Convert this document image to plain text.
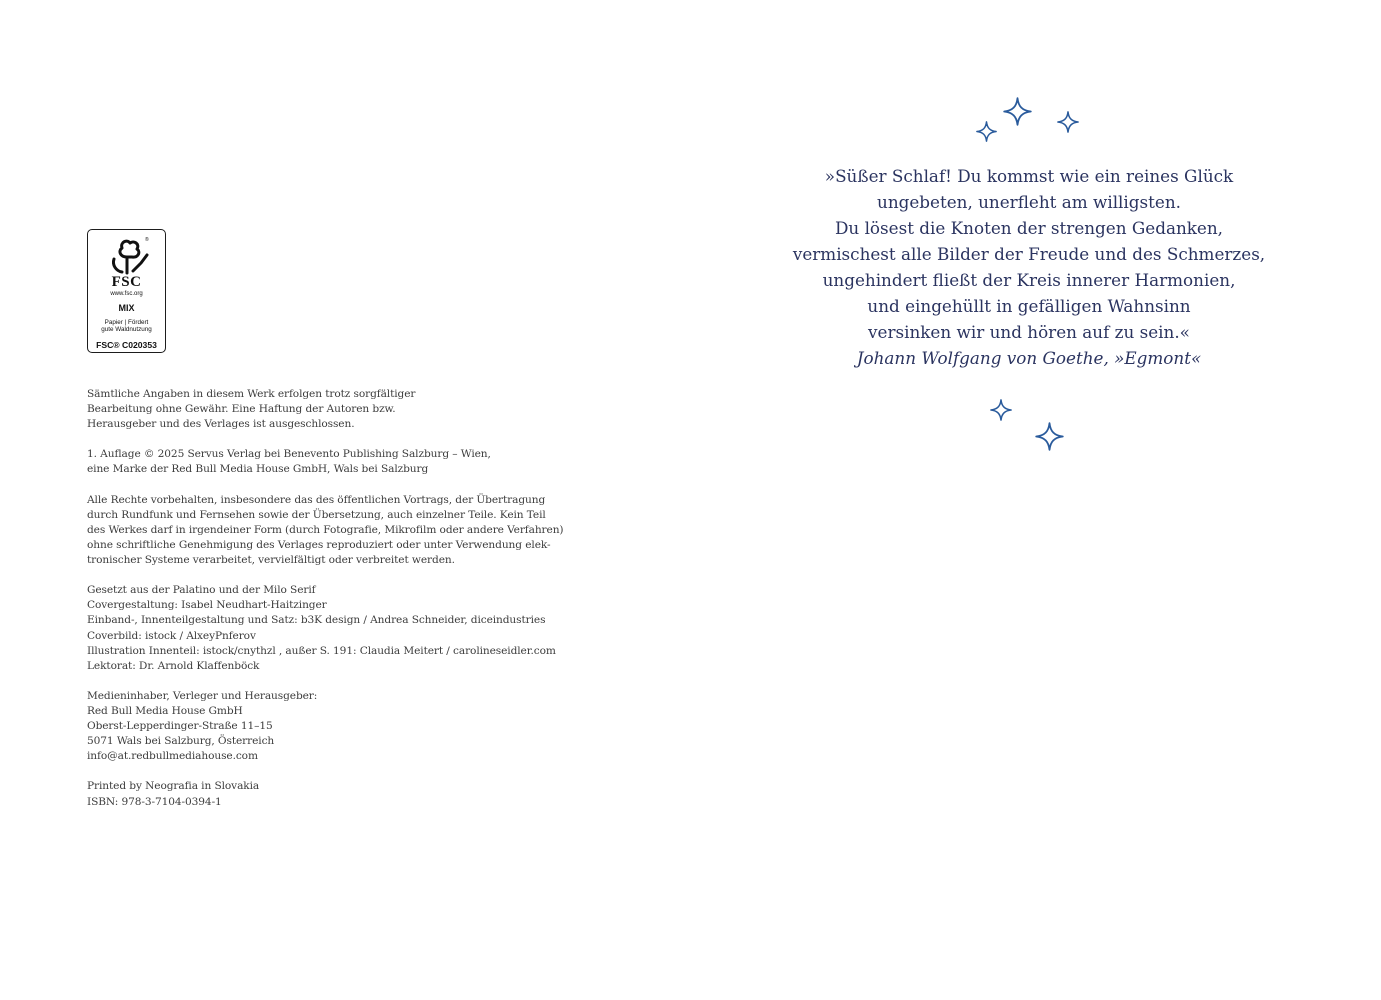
®
FSC
www.fsc.org
MIX
Papier | Fördert
gute Waldnutzung
FSC® C020353

Sämtliche Angaben in diesem Werk erfolgen trotz sorgfältiger
Bearbeitung ohne Gewähr. Eine Haftung der Autoren bzw.
Herausgeber und des Verlages ist ausgeschlossen.

1. Auflage © 2025 Servus Verlag bei Benevento Publishing Salzburg – Wien,
eine Marke der Red Bull Media House GmbH, Wals bei Salzburg

Alle Rechte vorbehalten, insbesondere das des öffentlichen Vortrags, der Übertragung
durch Rundfunk und Fernsehen sowie der Übersetzung, auch einzelner Teile. Kein Teil
des Werkes darf in irgendeiner Form (durch Fotografie, Mikrofilm oder andere Verfahren)
ohne schriftliche Genehmigung des Verlages reproduziert oder unter Verwendung elek-
tronischer Systeme verarbeitet, vervielfältigt oder verbreitet werden.

Gesetzt aus der Palatino und der Milo Serif
Covergestaltung: Isabel Neudhart-Haitzinger
Einband-, Innenteilgestaltung und Satz: b3K design / Andrea Schneider, diceindustries
Coverbild: istock / AlxeyPnferov
Illustration Innenteil: istock/cnythzl , außer S. 191: Claudia Meitert / carolineseidler.com
Lektorat: Dr. Arnold Klaffenböck

Medieninhaber, Verleger und Herausgeber:
Red Bull Media House GmbH
Oberst-Lepperdinger-Straße 11–15
5071 Wals bei Salzburg, Österreich
info@at.redbullmediahouse.com

Printed by Neografia in Slovakia
ISBN: 978-3-7104-0394-1

»Süßer Schlaf! Du kommst wie ein reines Glück
ungebeten, unerfleht am willigsten.
Du lösest die Knoten der strengen Gedanken,
vermischest alle Bilder der Freude und des Schmerzes,
ungehindert fließt der Kreis innerer Harmonien,
und eingehüllt in gefälligen Wahnsinn
versinken wir und hören auf zu sein.«
Johann Wolfgang von Goethe, »Egmont«
